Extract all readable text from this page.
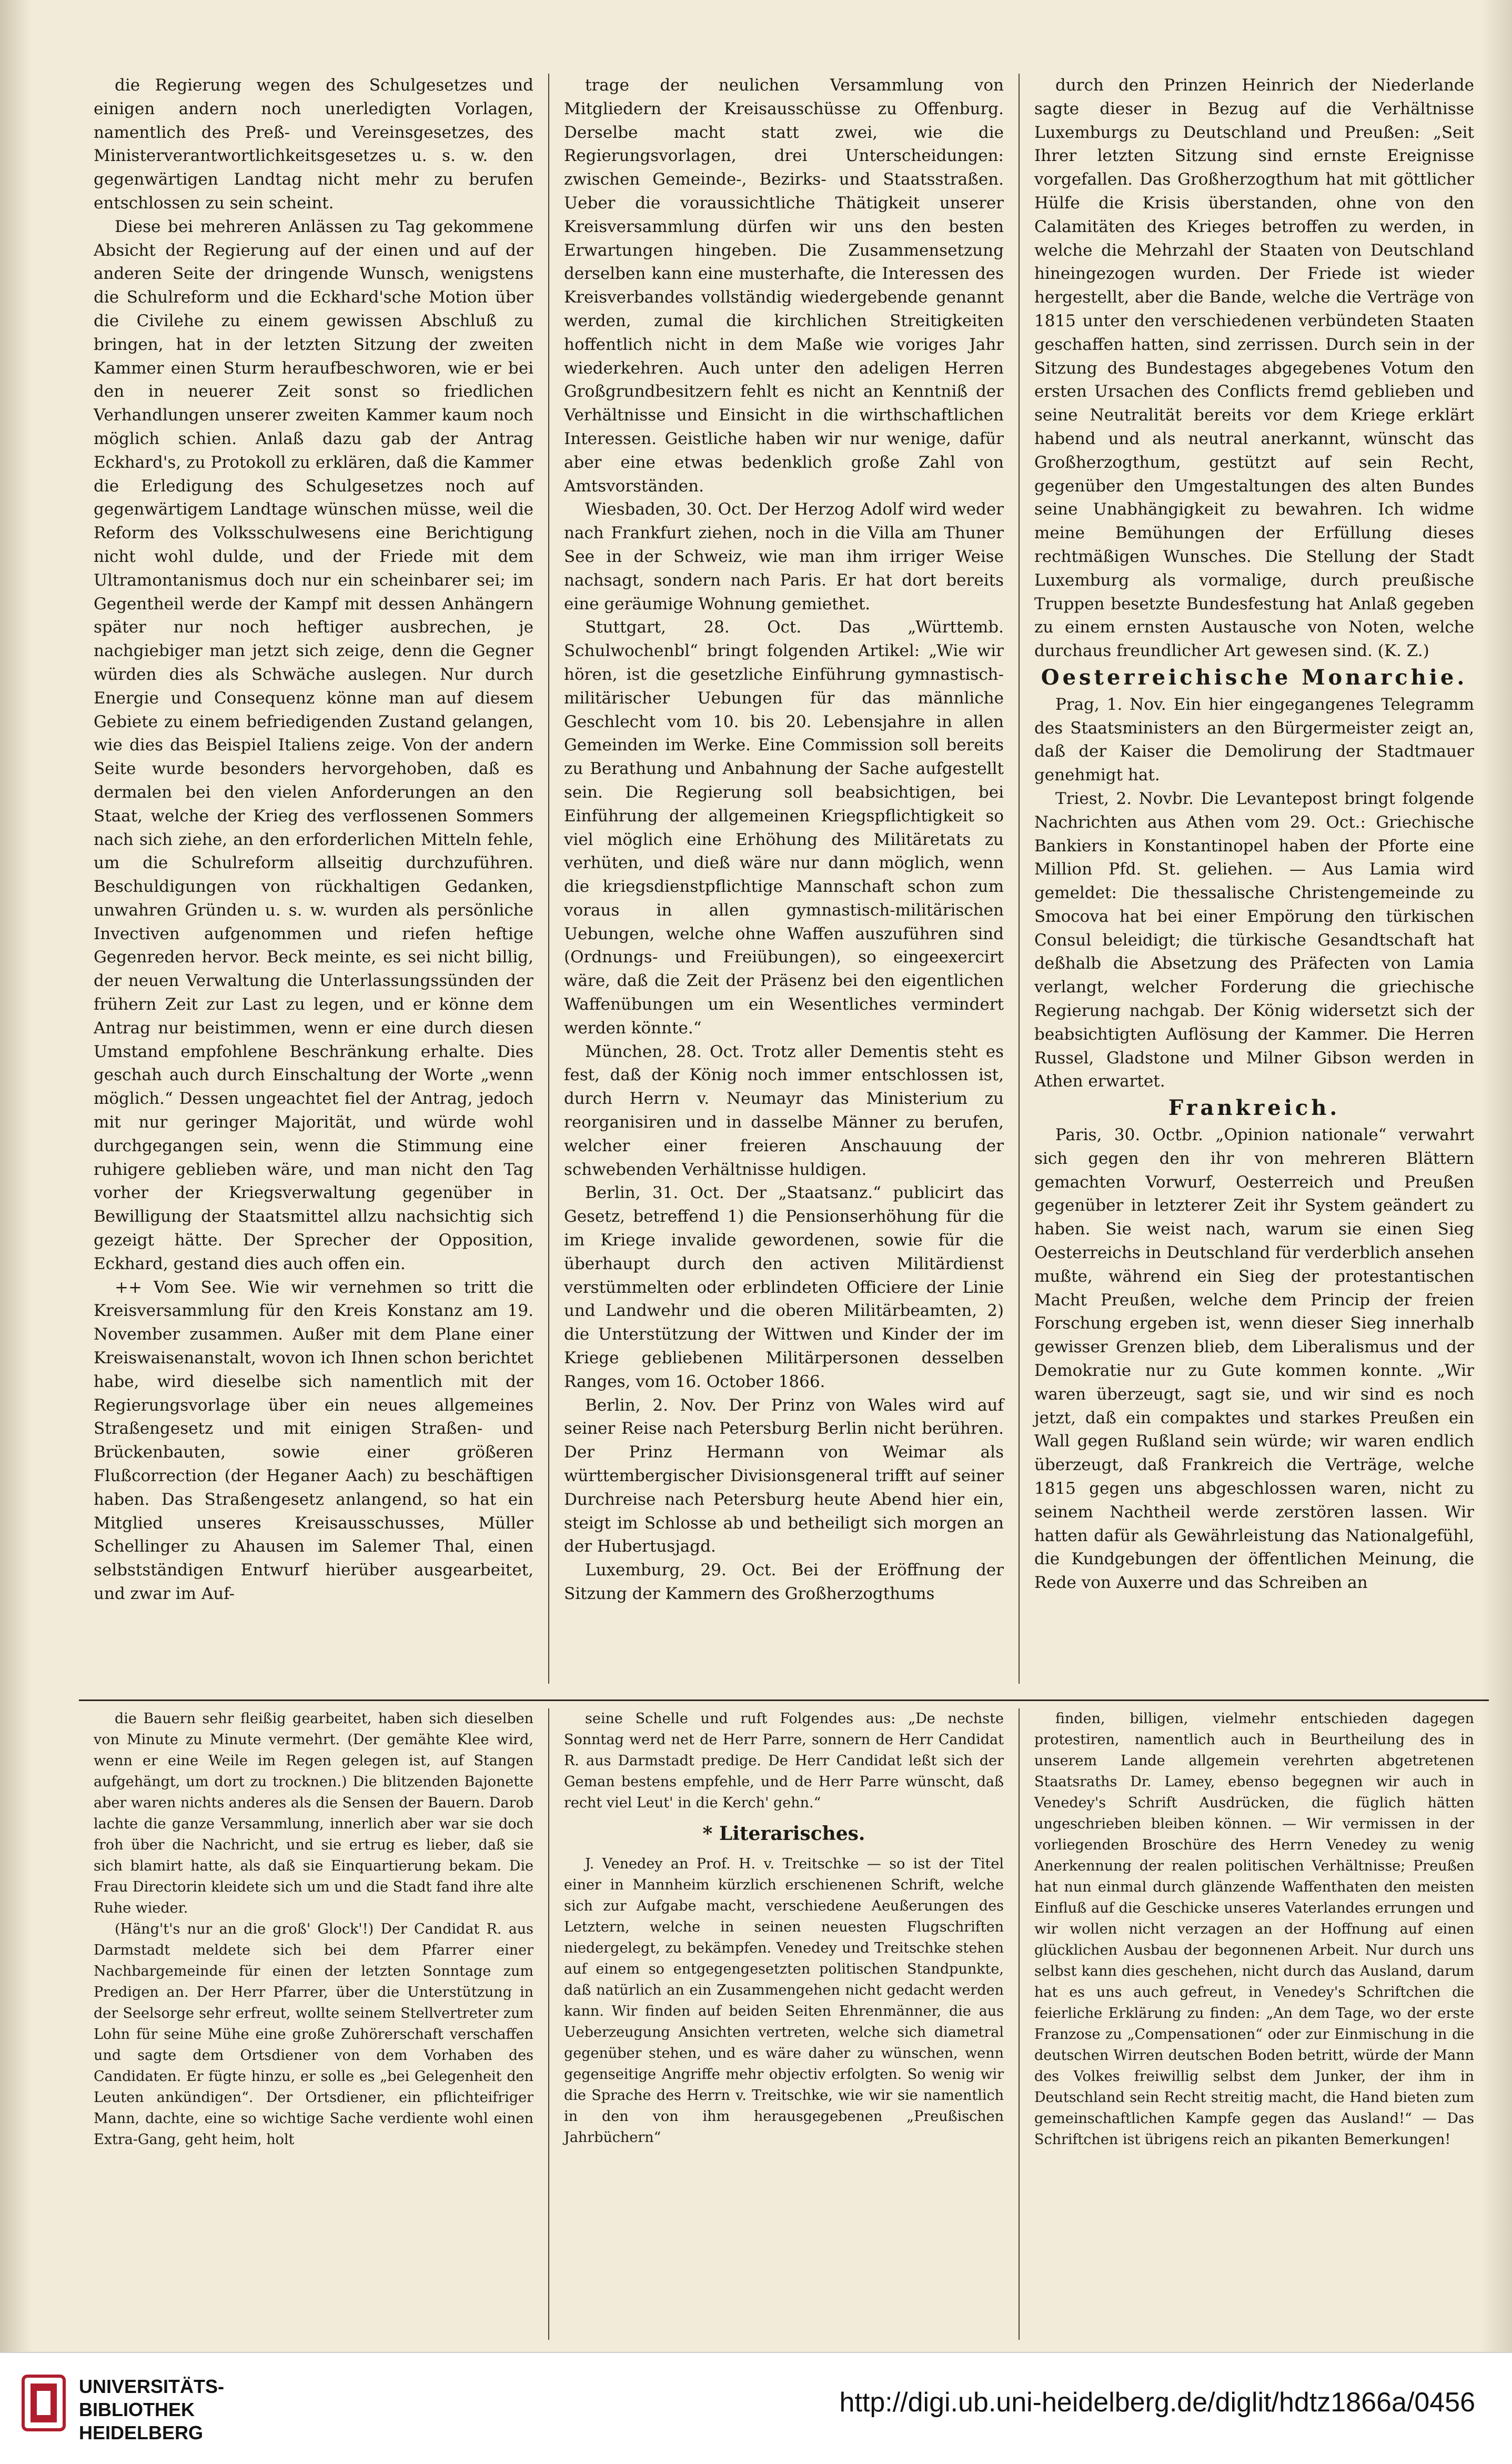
die Regierung wegen des Schulgesetzes und einigen andern noch unerledigten Vorlagen, namentlich des Preß- und Vereinsgesetzes, des Ministerverantwortlichkeitsgesetzes u. s. w. den gegenwärtigen Landtag nicht mehr zu berufen entschlossen zu sein scheint.

Diese bei mehreren Anlässen zu Tag gekommene Absicht der Regierung auf der einen und auf der anderen Seite der dringende Wunsch, wenigstens die Schulreform und die Eckhard'sche Motion über die Civilehe zu einem gewissen Abschluß zu bringen, hat in der letzten Sitzung der zweiten Kammer einen Sturm heraufbeschworen, wie er bei den in neuerer Zeit sonst so friedlichen Verhandlungen unserer zweiten Kammer kaum noch möglich schien. Anlaß dazu gab der Antrag Eckhard's, zu Protokoll zu erklären, daß die Kammer die Erledigung des Schulgesetzes noch auf gegenwärtigem Landtage wünschen müsse, weil die Reform des Volksschulwesens eine Berichtigung nicht wohl dulde, und der Friede mit dem Ultramontanismus doch nur ein scheinbarer sei; im Gegentheil werde der Kampf mit dessen Anhängern später nur noch heftiger ausbrechen, je nachgiebiger man jetzt sich zeige, denn die Gegner würden dies als Schwäche auslegen. Nur durch Energie und Consequenz könne man auf diesem Gebiete zu einem befriedigenden Zustand gelangen, wie dies das Beispiel Italiens zeige. Von der andern Seite wurde besonders hervorgehoben, daß es dermalen bei den vielen Anforderungen an den Staat, welche der Krieg des verflossenen Sommers nach sich ziehe, an den erforderlichen Mitteln fehle, um die Schulreform allseitig durchzuführen. Beschuldigungen von rückhaltigen Gedanken, unwahren Gründen u. s. w. wurden als persönliche Invectiven aufgenommen und riefen heftige Gegenreden hervor. Beck meinte, es sei nicht billig, der neuen Verwaltung die Unterlassungssünden der frühern Zeit zur Last zu legen, und er könne dem Antrag nur beistimmen, wenn er eine durch diesen Umstand empfohlene Beschränkung erhalte. Dies geschah auch durch Einschaltung der Worte „wenn möglich.“ Dessen ungeachtet fiel der Antrag, jedoch mit nur geringer Majorität, und würde wohl durchgegangen sein, wenn die Stimmung eine ruhigere geblieben wäre, und man nicht den Tag vorher der Kriegsverwaltung gegenüber in Bewilligung der Staatsmittel allzu nachsichtig sich gezeigt hätte. Der Sprecher der Opposition, Eckhard, gestand dies auch offen ein.

++ Vom See. Wie wir vernehmen so tritt die Kreisversammlung für den Kreis Konstanz am 19. November zusammen. Außer mit dem Plane einer Kreiswaisenanstalt, wovon ich Ihnen schon berichtet habe, wird dieselbe sich namentlich mit der Regierungsvorlage über ein neues allgemeines Straßengesetz und mit einigen Straßen- und Brückenbauten, sowie einer größeren Flußcorrection (der Heganer Aach) zu beschäftigen haben. Das Straßengesetz anlangend, so hat ein Mitglied unseres Kreisausschusses, Müller Schellinger zu Ahausen im Salemer Thal, einen selbstständigen Entwurf hierüber ausgearbeitet, und zwar im Auf-

trage der neulichen Versammlung von Mitgliedern der Kreisausschüsse zu Offenburg. Derselbe macht statt zwei, wie die Regierungsvorlagen, drei Unterscheidungen: zwischen Gemeinde-, Bezirks- und Staatsstraßen. Ueber die voraussichtliche Thätigkeit unserer Kreisversammlung dürfen wir uns den besten Erwartungen hingeben. Die Zusammensetzung derselben kann eine musterhafte, die Interessen des Kreisverbandes vollständig wiedergebende genannt werden, zumal die kirchlichen Streitigkeiten hoffentlich nicht in dem Maße wie voriges Jahr wiederkehren. Auch unter den adeligen Herren Großgrundbesitzern fehlt es nicht an Kenntniß der Verhältnisse und Einsicht in die wirthschaftlichen Interessen. Geistliche haben wir nur wenige, dafür aber eine etwas bedenklich große Zahl von Amtsvorständen.

Wiesbaden, 30. Oct. Der Herzog Adolf wird weder nach Frankfurt ziehen, noch in die Villa am Thuner See in der Schweiz, wie man ihm irriger Weise nachsagt, sondern nach Paris. Er hat dort bereits eine geräumige Wohnung gemiethet.

Stuttgart, 28. Oct. Das „Württemb. Schulwochenbl“ bringt folgenden Artikel: „Wie wir hören, ist die gesetzliche Einführung gymnastisch-militärischer Uebungen für das männliche Geschlecht vom 10. bis 20. Lebensjahre in allen Gemeinden im Werke. Eine Commission soll bereits zu Berathung und Anbahnung der Sache aufgestellt sein. Die Regierung soll beabsichtigen, bei Einführung der allgemeinen Kriegspflichtigkeit so viel möglich eine Erhöhung des Militäretats zu verhüten, und dieß wäre nur dann möglich, wenn die kriegsdienstpflichtige Mannschaft schon zum voraus in allen gymnastisch-militärischen Uebungen, welche ohne Waffen auszuführen sind (Ordnungs- und Freiübungen), so eingeexercirt wäre, daß die Zeit der Präsenz bei den eigentlichen Waffenübungen um ein Wesentliches vermindert werden könnte.“

München, 28. Oct. Trotz aller Dementis steht es fest, daß der König noch immer entschlossen ist, durch Herrn v. Neumayr das Ministerium zu reorganisiren und in dasselbe Männer zu berufen, welcher einer freieren Anschauung der schwebenden Verhältnisse huldigen.

Berlin, 31. Oct. Der „Staatsanz.“ publicirt das Gesetz, betreffend 1) die Pensionserhöhung für die im Kriege invalide gewordenen, sowie für die überhaupt durch den activen Militärdienst verstümmelten oder erblindeten Officiere der Linie und Landwehr und die oberen Militärbeamten, 2) die Unterstützung der Wittwen und Kinder der im Kriege gebliebenen Militärpersonen desselben Ranges, vom 16. October 1866.

Berlin, 2. Nov. Der Prinz von Wales wird auf seiner Reise nach Petersburg Berlin nicht berühren. Der Prinz Hermann von Weimar als württembergischer Divisionsgeneral trifft auf seiner Durchreise nach Petersburg heute Abend hier ein, steigt im Schlosse ab und betheiligt sich morgen an der Hubertusjagd.

Luxemburg, 29. Oct. Bei der Eröffnung der Sitzung der Kammern des Großherzogthums

durch den Prinzen Heinrich der Niederlande sagte dieser in Bezug auf die Verhältnisse Luxemburgs zu Deutschland und Preußen: „Seit Ihrer letzten Sitzung sind ernste Ereignisse vorgefallen. Das Großherzogthum hat mit göttlicher Hülfe die Krisis überstanden, ohne von den Calamitäten des Krieges betroffen zu werden, in welche die Mehrzahl der Staaten von Deutschland hineingezogen wurden. Der Friede ist wieder hergestellt, aber die Bande, welche die Verträge von 1815 unter den verschiedenen verbündeten Staaten geschaffen hatten, sind zerrissen. Durch sein in der Sitzung des Bundestages abgegebenes Votum den ersten Ursachen des Conflicts fremd geblieben und seine Neutralität bereits vor dem Kriege erklärt habend und als neutral anerkannt, wünscht das Großherzogthum, gestützt auf sein Recht, gegenüber den Umgestaltungen des alten Bundes seine Unabhängigkeit zu bewahren. Ich widme meine Bemühungen der Erfüllung dieses rechtmäßigen Wunsches. Die Stellung der Stadt Luxemburg als vormalige, durch preußische Truppen besetzte Bundesfestung hat Anlaß gegeben zu einem ernsten Austausche von Noten, welche durchaus freundlicher Art gewesen sind. (K. Z.)

Oesterreichische Monarchie.

Prag, 1. Nov. Ein hier eingegangenes Telegramm des Staatsministers an den Bürgermeister zeigt an, daß der Kaiser die Demolirung der Stadtmauer genehmigt hat.

Triest, 2. Novbr. Die Levantepost bringt folgende Nachrichten aus Athen vom 29. Oct.: Griechische Bankiers in Konstantinopel haben der Pforte eine Million Pfd. St. geliehen. — Aus Lamia wird gemeldet: Die thessalische Christengemeinde zu Smocova hat bei einer Empörung den türkischen Consul beleidigt; die türkische Gesandtschaft hat deßhalb die Absetzung des Präfecten von Lamia verlangt, welcher Forderung die griechische Regierung nachgab. Der König widersetzt sich der beabsichtigten Auflösung der Kammer. Die Herren Russel, Gladstone und Milner Gibson werden in Athen erwartet.

Frankreich.

Paris, 30. Octbr. „Opinion nationale“ verwahrt sich gegen den ihr von mehreren Blättern gemachten Vorwurf, Oesterreich und Preußen gegenüber in letzterer Zeit ihr System geändert zu haben. Sie weist nach, warum sie einen Sieg Oesterreichs in Deutschland für verderblich ansehen mußte, während ein Sieg der protestantischen Macht Preußen, welche dem Princip der freien Forschung ergeben ist, wenn dieser Sieg innerhalb gewisser Grenzen blieb, dem Liberalismus und der Demokratie nur zu Gute kommen konnte. „Wir waren überzeugt, sagt sie, und wir sind es noch jetzt, daß ein compaktes und starkes Preußen ein Wall gegen Rußland sein würde; wir waren endlich überzeugt, daß Frankreich die Verträge, welche 1815 gegen uns abgeschlossen waren, nicht zu seinem Nachtheil werde zerstören lassen. Wir hatten dafür als Gewährleistung das Nationalgefühl, die Kundgebungen der öffentlichen Meinung, die Rede von Auxerre und das Schreiben an

die Bauern sehr fleißig gearbeitet, haben sich dieselben von Minute zu Minute vermehrt. (Der gemähte Klee wird, wenn er eine Weile im Regen gelegen ist, auf Stangen aufgehängt, um dort zu trocknen.) Die blitzenden Bajonette aber waren nichts anderes als die Sensen der Bauern. Darob lachte die ganze Versammlung, innerlich aber war sie doch froh über die Nachricht, und sie ertrug es lieber, daß sie sich blamirt hatte, als daß sie Einquartierung bekam. Die Frau Directorin kleidete sich um und die Stadt fand ihre alte Ruhe wieder.

(Häng't's nur an die groß' Glock'!) Der Candidat R. aus Darmstadt meldete sich bei dem Pfarrer einer Nachbargemeinde für einen der letzten Sonntage zum Predigen an. Der Herr Pfarrer, über die Unterstützung in der Seelsorge sehr erfreut, wollte seinem Stellvertreter zum Lohn für seine Mühe eine große Zuhörerschaft verschaffen und sagte dem Ortsdiener von dem Vorhaben des Candidaten. Er fügte hinzu, er solle es „bei Gelegenheit den Leuten ankündigen“. Der Ortsdiener, ein pflichteifriger Mann, dachte, eine so wichtige Sache verdiente wohl einen Extra-Gang, geht heim, holt

seine Schelle und ruft Folgendes aus: „De nechste Sonntag werd net de Herr Parre, sonnern de Herr Candidat R. aus Darmstadt predige. De Herr Candidat leßt sich der Geman bestens empfehle, und de Herr Parre wünscht, daß recht viel Leut' in die Kerch' gehn.“

* Literarisches.

J. Venedey an Prof. H. v. Treitschke — so ist der Titel einer in Mannheim kürzlich erschienenen Schrift, welche sich zur Aufgabe macht, verschiedene Aeußerungen des Letztern, welche in seinen neuesten Flugschriften niedergelegt, zu bekämpfen. Venedey und Treitschke stehen auf einem so entgegengesetzten politischen Standpunkte, daß natürlich an ein Zusammengehen nicht gedacht werden kann. Wir finden auf beiden Seiten Ehrenmänner, die aus Ueberzeugung Ansichten vertreten, welche sich diametral gegenüber stehen, und es wäre daher zu wünschen, wenn gegenseitige Angriffe mehr objectiv erfolgten. So wenig wir die Sprache des Herrn v. Treitschke, wie wir sie namentlich in den von ihm herausgegebenen „Preußischen Jahrbüchern“

finden, billigen, vielmehr entschieden dagegen protestiren, namentlich auch in Beurtheilung des in unserem Lande allgemein verehrten abgetretenen Staatsraths Dr. Lamey, ebenso begegnen wir auch in Venedey's Schrift Ausdrücken, die füglich hätten ungeschrieben bleiben können. — Wir vermissen in der vorliegenden Broschüre des Herrn Venedey zu wenig Anerkennung der realen politischen Verhältnisse; Preußen hat nun einmal durch glänzende Waffenthaten den meisten Einfluß auf die Geschicke unseres Vaterlandes errungen und wir wollen nicht verzagen an der Hoffnung auf einen glücklichen Ausbau der begonnenen Arbeit. Nur durch uns selbst kann dies geschehen, nicht durch das Ausland, darum hat es uns auch gefreut, in Venedey's Schriftchen die feierliche Erklärung zu finden: „An dem Tage, wo der erste Franzose zu „Compensationen“ oder zur Einmischung in die deutschen Wirren deutschen Boden betritt, würde der Mann des Volkes freiwillig selbst dem Junker, der ihm in Deutschland sein Recht streitig macht, die Hand bieten zum gemeinschaftlichen Kampfe gegen das Ausland!“ — Das Schriftchen ist übrigens reich an pikanten Bemerkungen!

UNIVERSITÄTS-
BIBLIOTHEK
HEIDELBERG
http://digi.ub.uni-heidelberg.de/diglit/hdtz1866a/0456
